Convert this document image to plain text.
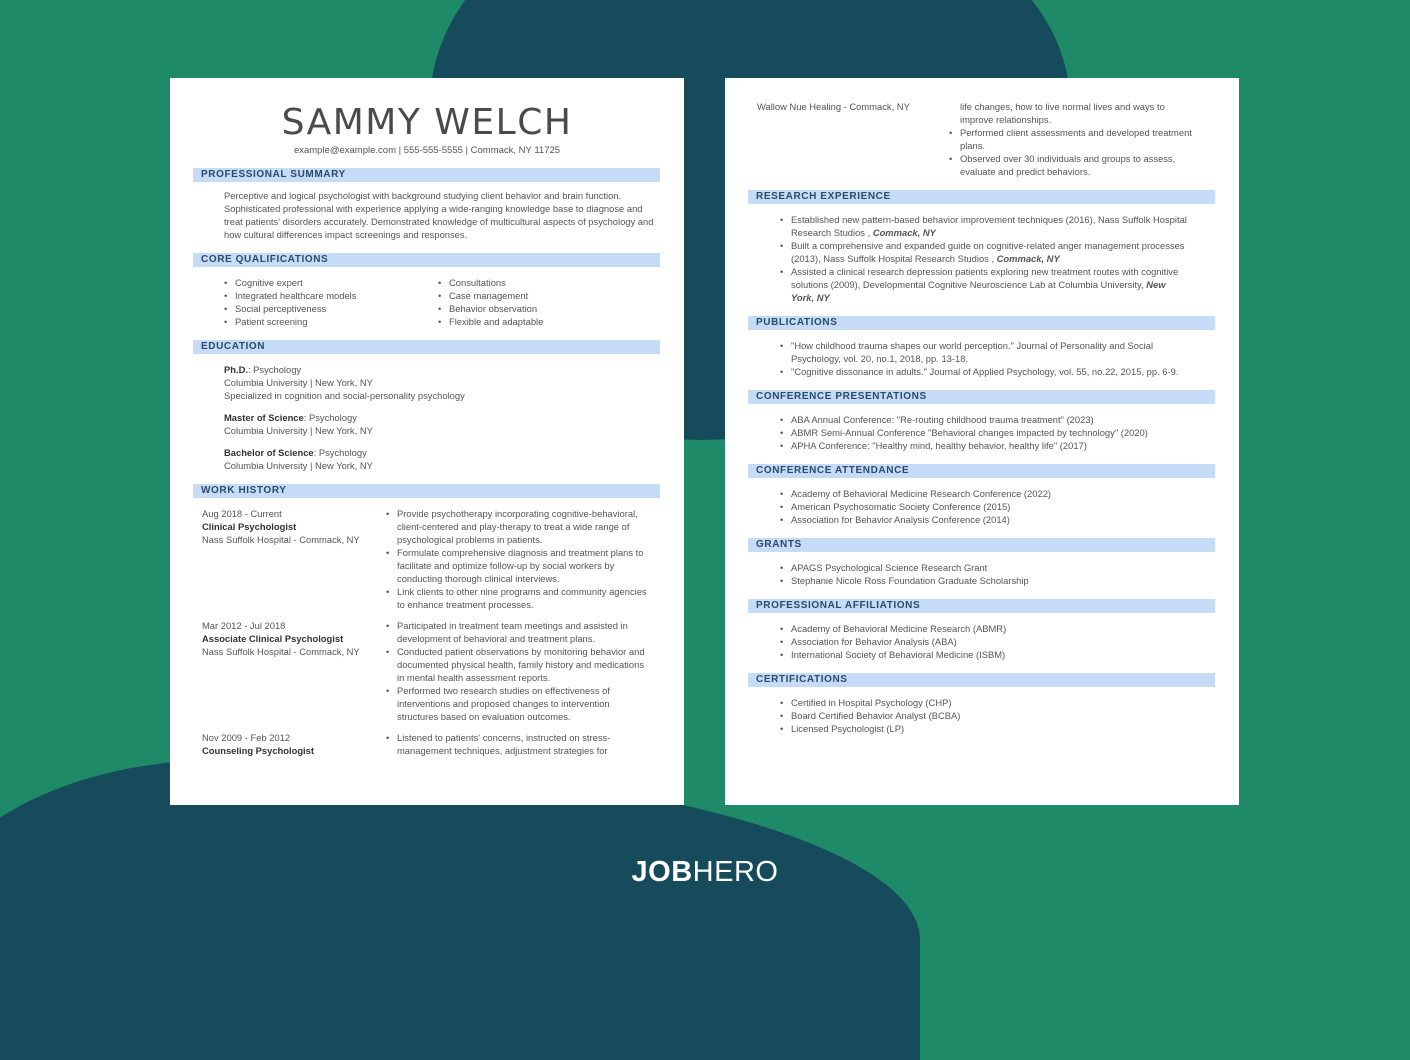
SAMMY WELCH
example@example.com | 555-555-5555 | Commack, NY 11725
PROFESSIONAL SUMMARY
Perceptive and logical psychologist with background studying client behavior and brain function. Sophisticated professional with experience applying a wide-ranging knowledge base to diagnose and treat patients' disorders accurately. Demonstrated knowledge of multicultural aspects of psychology and how cultural differences impact screenings and responses.
CORE QUALIFICATIONS
• Cognitive expert
• Integrated healthcare models
• Social perceptiveness
• Patient screening
• Consultations
• Case management
• Behavior observation
• Flexible and adaptable
EDUCATION
Ph.D.: Psychology
Columbia University | New York, NY
Specialized in cognition and social-personality psychology
Master of Science: Psychology
Columbia University | New York, NY
Bachelor of Science: Psychology
Columbia University | New York, NY
WORK HISTORY
Aug 2018 - Current
Clinical Psychologist
Nass Suffolk Hospital - Commack, NY
• Provide psychotherapy incorporating cognitive-behavioral, client-centered and play-therapy to treat a wide range of psychological problems in patients.
• Formulate comprehensive diagnosis and treatment plans to facilitate and optimize follow-up by social workers by conducting thorough clinical interviews.
• Link clients to other nine programs and community agencies to enhance treatment processes.
Mar 2012 - Jul 2018
Associate Clinical Psychologist
Nass Suffolk Hospital - Commack, NY
• Participated in treatment team meetings and assisted in development of behavioral and treatment plans.
• Conducted patient observations by monitoring behavior and documented physical health, family history and medications in mental health assessment reports.
• Performed two research studies on effectiveness of interventions and proposed changes to intervention structures based on evaluation outcomes.
Nov 2009 - Feb 2012
Counseling Psychologist
• Listened to patients' concerns, instructed on stress-management techniques, adjustment strategies for
Wallow Nue Healing - Commack, NY	life changes, how to live normal lives and ways to improve relationships.
• Performed client assessments and developed treatment plans.
• Observed over 30 individuals and groups to assess, evaluate and predict behaviors.
RESEARCH EXPERIENCE
• Established new pattern-based behavior improvement techniques (2016), Nass Suffolk Hospital Research Studios , Commack, NY
• Built a comprehensive and expanded guide on cognitive-related anger management processes (2013), Nass Suffolk Hospital Research Studios , Commack, NY
• Assisted a clinical research depression patients exploring new treatment routes with cognitive solutions (2009), Developmental Cognitive Neuroscience Lab at Columbia University, New York, NY
PUBLICATIONS
• "How childhood trauma shapes our world perception." Journal of Personality and Social Psychology, vol. 20, no.1, 2018, pp. 13-18.
• "Cognitive dissonance in adults." Journal of Applied Psychology, vol. 55, no.22, 2015, pp. 6-9.
CONFERENCE PRESENTATIONS
• ABA Annual Conference: "Re-routing childhood trauma treatment" (2023)
• ABMR Semi-Annual Conference "Behavioral changes impacted by technology" (2020)
• APHA Conference: "Healthy mind, healthy behavior, healthy life" (2017)
CONFERENCE ATTENDANCE
• Academy of Behavioral Medicine Research Conference (2022)
• American Psychosomatic Society Conference (2015)
• Association for Behavior Analysis Conference (2014)
GRANTS
• APAGS Psychological Science Research Grant
• Stephanie Nicole Ross Foundation Graduate Scholarship
PROFESSIONAL AFFILIATIONS
• Academy of Behavioral Medicine Research (ABMR)
• Association for Behavior Analysis (ABA)
• International Society of Behavioral Medicine (ISBM)
CERTIFICATIONS
• Certified in Hospital Psychology (CHP)
• Board Certified Behavior Analyst (BCBA)
• Licensed Psychologist (LP)
JOBHERO
